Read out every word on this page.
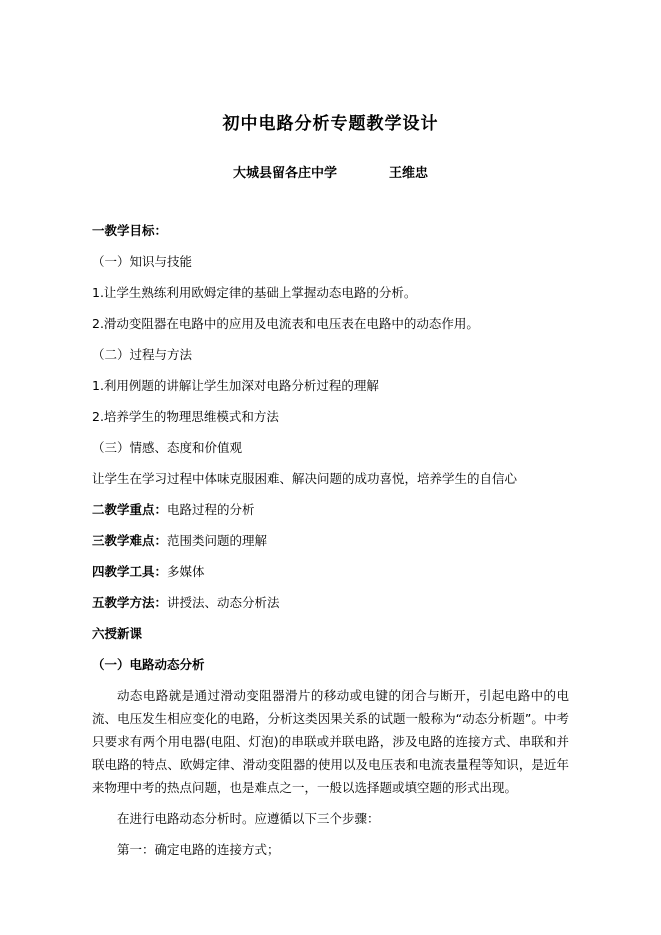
初中电路分析专题教学设计
大城县留各庄中学	王维忠

一教学目标：

（一）知识与技能

1.让学生熟练利用欧姆定律的基础上掌握动态电路的分析。

2.滑动变阻器在电路中的应用及电流表和电压表在电路中的动态作用。

（二）过程与方法

1.利用例题的讲解让学生加深对电路分析过程的理解

2.培养学生的物理思维模式和方法

（三）情感、态度和价值观

让学生在学习过程中体味克服困难、解决问题的成功喜悦，培养学生的自信心

二教学重点：电路过程的分析

三教学难点：范围类问题的理解

四教学工具：多媒体

五教学方法：讲授法、动态分析法

六授新课

（一）电路动态分析

动态电路就是通过滑动变阻器滑片的移动或电键的闭合与断开，引起电路中的电流、电压发生相应变化的电路，分析这类因果关系的试题一般称为“动态分析题”。中考只要求有两个用电器(电阻、灯泡)的串联或并联电路，涉及电路的连接方式、串联和并联电路的特点、欧姆定律、滑动变阻器的使用以及电压表和电流表量程等知识，是近年来物理中考的热点问题，也是难点之一，一般以选择题或填空题的形式出现。

在进行电路动态分析时。应遵循以下三个步骤：

第一：确定电路的连接方式；
